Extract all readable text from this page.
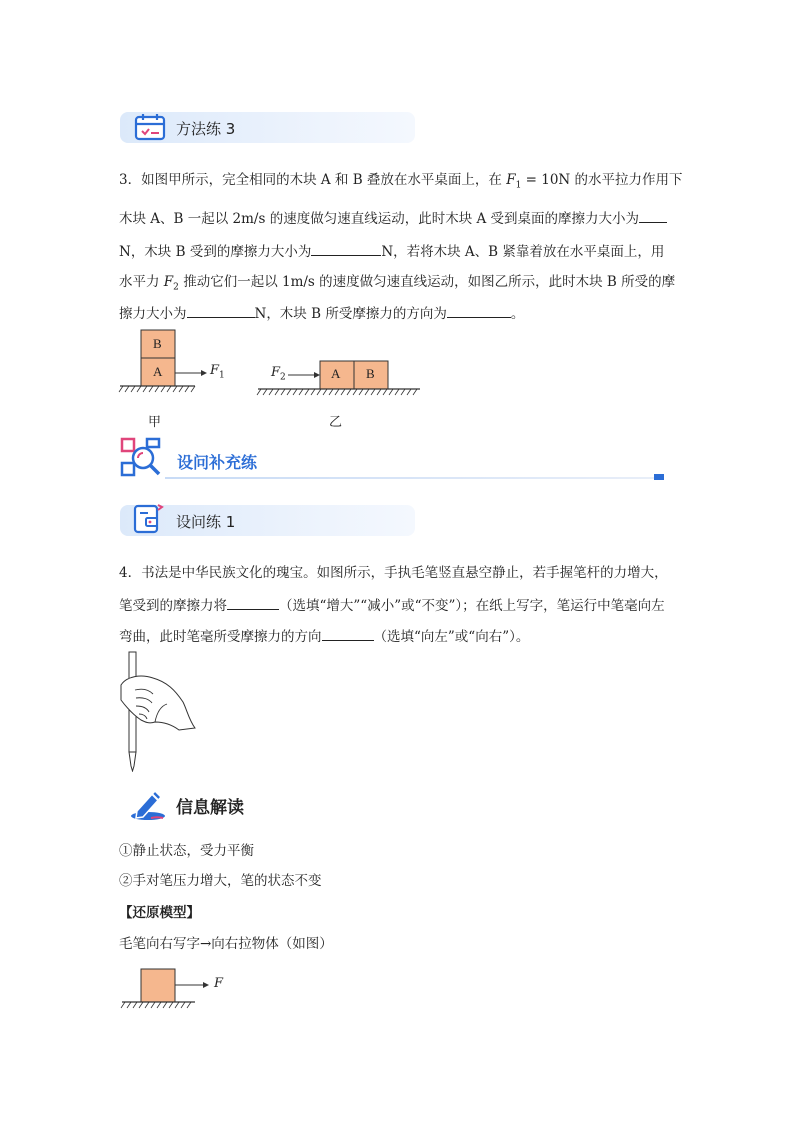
方法练 3
3．如图甲所示，完全相同的木块 A 和 B 叠放在水平桌面上，在 $F_1 = 10N$ 的水平拉力作用下
木块 A、B 一起以 2m/s 的速度做匀速直线运动，此时木块 A 受到桌面的摩擦力大小为
N，木块 B 受到的摩擦力大小为	N，若将木块 A、B 紧靠着放在水平桌面上，用
水平力 $F_2$ 推动它们一起以 1m/s 的速度做匀速直线运动，如图乙所示，此时木块 B 所受的摩
擦力大小为	N，木块 B 所受摩擦力的方向为	。
B
A	$F_1$
甲
$F_2$	A B
乙
设问补充练
设问练 1
4．书法是中华民族文化的瑰宝。如图所示，手执毛笔竖直悬空静止，若手握笔杆的力增大，
笔受到的摩擦力将	（选填“增大”“减小”或“不变”）；在纸上写字，笔运行中笔毫向左
弯曲，此时笔毫所受摩擦力的方向	（选填“向左”或“向右”）。
信息解读
①静止状态，受力平衡
②手对笔压力增大，笔的状态不变
【还原模型】
毛笔向右写字→向右拉物体（如图）
F
